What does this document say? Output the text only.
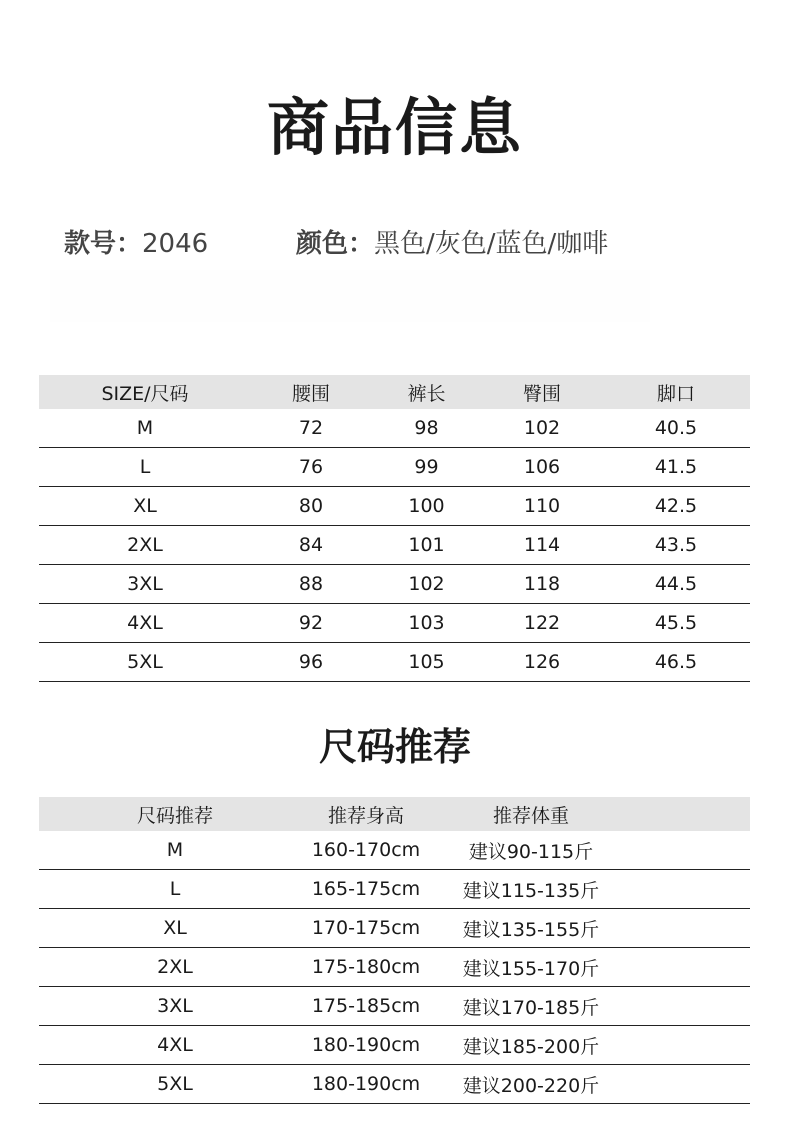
商品信息
款号：2046	颜色：黑色/灰色/蓝色/咖啡
SIZE/尺码	腰围	裤长	臀围	脚口
M	72	98	102	40.5
L	76	99	106	41.5
XL	80	100	110	42.5
2XL	84	101	114	43.5
3XL	88	102	118	44.5
4XL	92	103	122	45.5
5XL	96	105	126	46.5
尺码推荐
尺码推荐	推荐身高	推荐体重	
M	160-170cm	建议90-115斤	
L	165-175cm	建议115-135斤	
XL	170-175cm	建议135-155斤	
2XL	175-180cm	建议155-170斤	
3XL	175-185cm	建议170-185斤	
4XL	180-190cm	建议185-200斤	
5XL	180-190cm	建议200-220斤	
